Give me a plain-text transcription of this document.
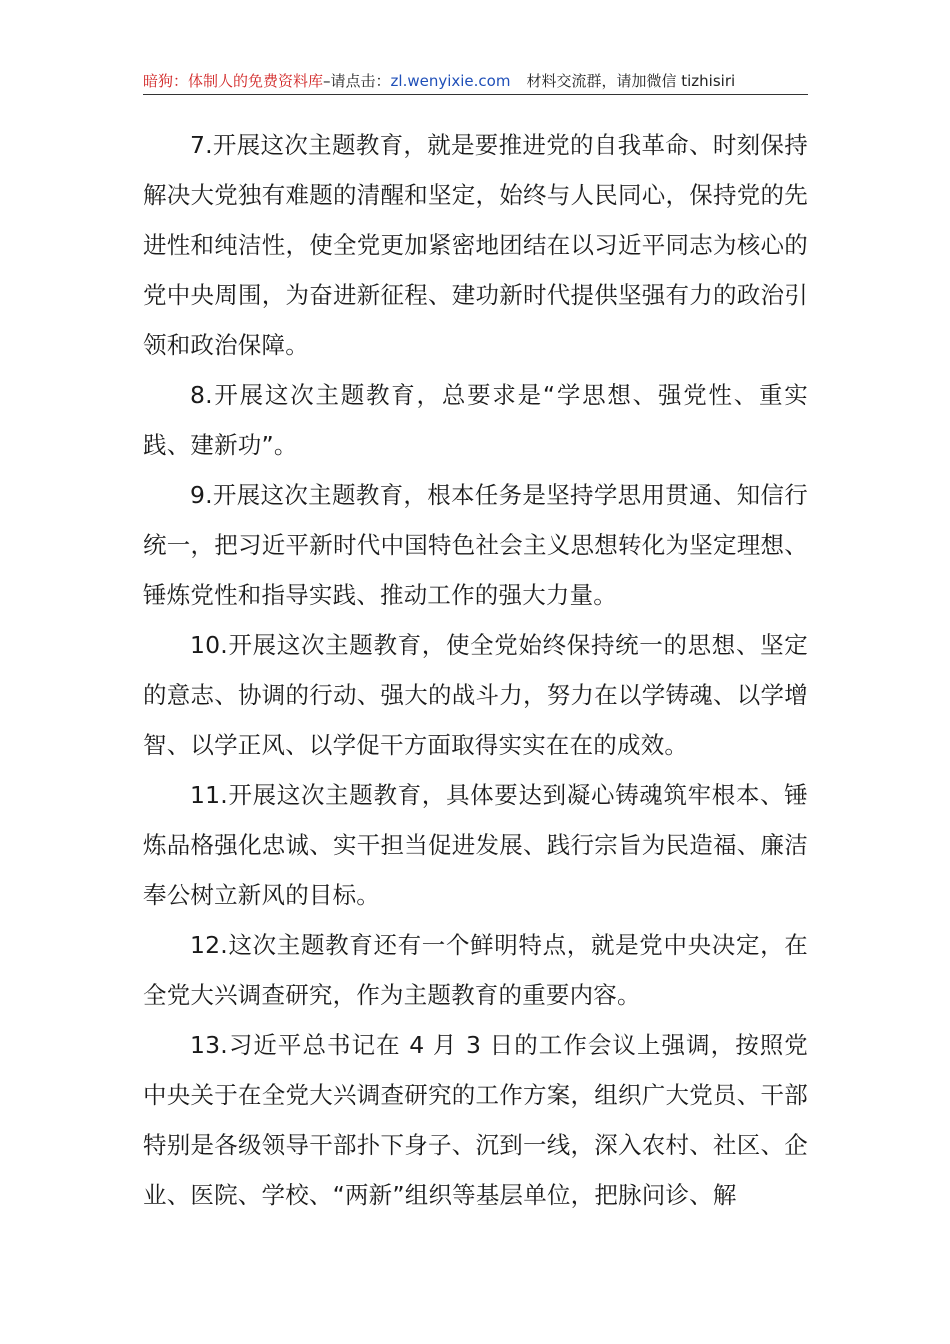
暗狗：体制人的免费资料库–请点击：zl.wenyixie.com 材料交流群，请加微信 tizhisiri

7.开展这次主题教育，就是要推进党的自我革命、时刻保持解决大党独有难题的清醒和坚定，始终与人民同心，保持党的先进性和纯洁性，使全党更加紧密地团结在以习近平同志为核心的党中央周围，为奋进新征程、建功新时代提供坚强有力的政治引领和政治保障。

8.开展这次主题教育，总要求是“学思想、强党性、重实践、建新功”。

9.开展这次主题教育，根本任务是坚持学思用贯通、知信行统一，把习近平新时代中国特色社会主义思想转化为坚定理想、锤炼党性和指导实践、推动工作的强大力量。

10.开展这次主题教育，使全党始终保持统一的思想、坚定的意志、协调的行动、强大的战斗力，努力在以学铸魂、以学增智、以学正风、以学促干方面取得实实在在的成效。

11.开展这次主题教育，具体要达到凝心铸魂筑牢根本、锤炼品格强化忠诚、实干担当促进发展、践行宗旨为民造福、廉洁奉公树立新风的目标。

12.这次主题教育还有一个鲜明特点，就是党中央决定，在全党大兴调查研究，作为主题教育的重要内容。

13.习近平总书记在 4 月 3 日的工作会议上强调，按照党中央关于在全党大兴调查研究的工作方案，组织广大党员、干部特别是各级领导干部扑下身子、沉到一线，深入农村、社区、企业、医院、学校、“两新”组织等基层单位，把脉问诊、解
